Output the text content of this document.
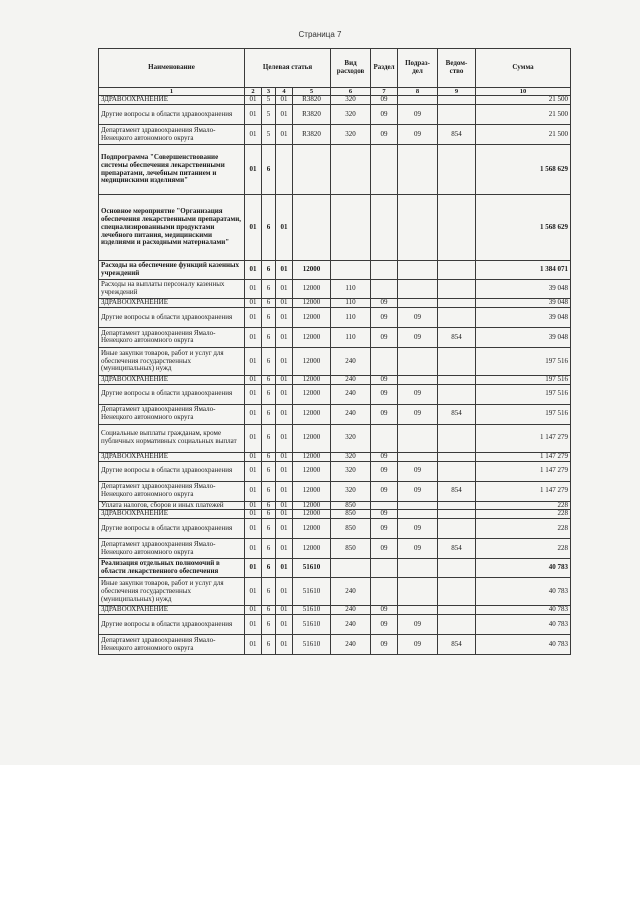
Страница 7
Наименование	Целевая статья				Вид расходов	Раздел	Подраз-дел	Ведом-ство	Сумма
1	2	3	4	5	6	7	8	9	10
ЗДРАВООХРАНЕНИЕ	01	5	01	R3820	320	09			21 500
Другие вопросы в области здравоохранения	01	5	01	R3820	320	09	09		21 500
Департамент здравоохранения Ямало-Ненецкого автономного округа	01	5	01	R3820	320	09	09	854	21 500
Подпрограмма "Совершенствование системы обеспечения лекарственными препаратами, лечебным питанием и медицинскими изделиями"	01	6							1 568 629
Основное мероприятие "Организация обеспечения лекарственными препаратами, специализированными продуктами лечебного питания, медицинскими изделиями и расходными материалами"	01	6	01						1 568 629
Расходы на обеспечение функций казенных учреждений	01	6	01	12000					1 384 071
Расходы на выплаты персоналу казенных учреждений	01	6	01	12000	110				39 048
ЗДРАВООХРАНЕНИЕ	01	6	01	12000	110	09			39 048
Другие вопросы в области здравоохранения	01	6	01	12000	110	09	09		39 048
Департамент здравоохранения Ямало-Ненецкого автономного округа	01	6	01	12000	110	09	09	854	39 048
Иные закупки товаров, работ и услуг для обеспечения государственных (муниципальных) нужд	01	6	01	12000	240				197 516
ЗДРАВООХРАНЕНИЕ	01	6	01	12000	240	09			197 516
Другие вопросы в области здравоохранения	01	6	01	12000	240	09	09		197 516
Департамент здравоохранения Ямало-Ненецкого автономного округа	01	6	01	12000	240	09	09	854	197 516
Социальные выплаты гражданам, кроме публичных нормативных социальных выплат	01	6	01	12000	320				1 147 279
ЗДРАВООХРАНЕНИЕ	01	6	01	12000	320	09			1 147 279
Другие вопросы в области здравоохранения	01	6	01	12000	320	09	09		1 147 279
Департамент здравоохранения Ямало-Ненецкого автономного округа	01	6	01	12000	320	09	09	854	1 147 279
Уплата налогов, сборов и иных платежей	01	6	01	12000	850				228
ЗДРАВООХРАНЕНИЕ	01	6	01	12000	850	09			228
Другие вопросы в области здравоохранения	01	6	01	12000	850	09	09		228
Департамент здравоохранения Ямало-Ненецкого автономного округа	01	6	01	12000	850	09	09	854	228
Реализация отдельных полномочий в области лекарственного обеспечения	01	6	01	51610					40 783
Иные закупки товаров, работ и услуг для обеспечения государственных (муниципальных) нужд	01	6	01	51610	240				40 783
ЗДРАВООХРАНЕНИЕ	01	6	01	51610	240	09			40 783
Другие вопросы в области здравоохранения	01	6	01	51610	240	09	09		40 783
Департамент здравоохранения Ямало-Ненецкого автономного округа	01	6	01	51610	240	09	09	854	40 783
